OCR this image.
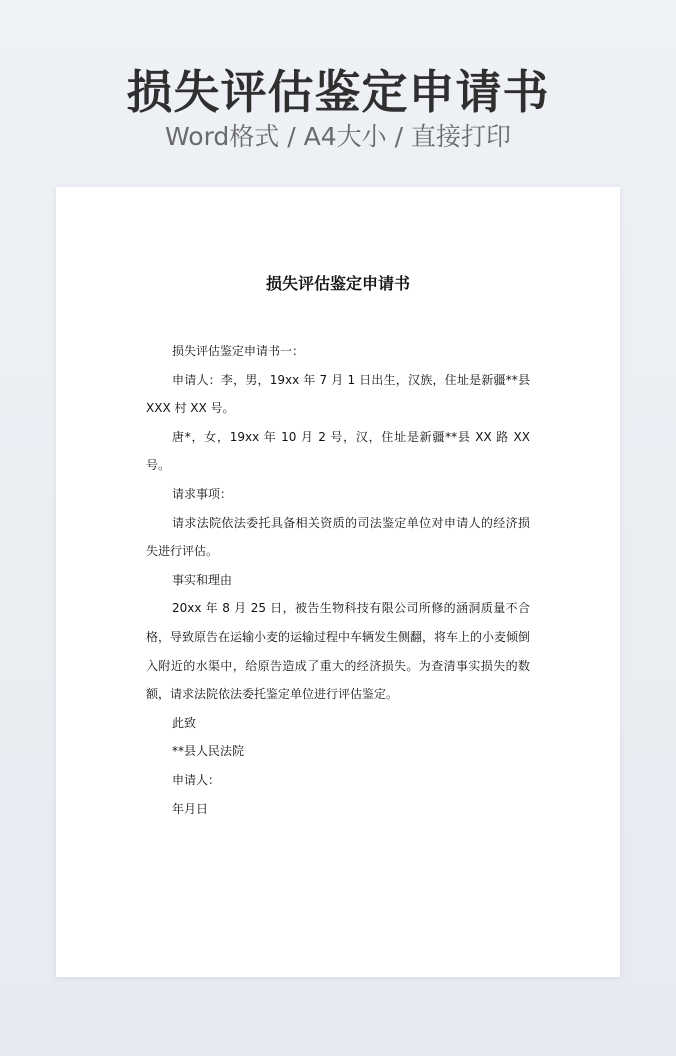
损失评估鉴定申请书
Word格式 / A4大小 / 直接打印
损失评估鉴定申请书

损失评估鉴定申请书一：

申请人：李，男，19xx 年 7 月 1 日出生，汉族，住址是新疆**县 XXX 村 XX 号。

唐*，女，19xx 年 10 月 2 号，汉，住址是新疆**县 XX 路 XX 号。

请求事项：

请求法院依法委托具备相关资质的司法鉴定单位对申请人的经济损失进行评估。

事实和理由

20xx 年 8 月 25 日，被告生物科技有限公司所修的涵洞质量不合格，导致原告在运输小麦的运输过程中车辆发生侧翻，将车上的小麦倾倒入附近的水渠中，给原告造成了重大的经济损失。为查清事实损失的数额，请求法院依法委托鉴定单位进行评估鉴定。

此致

**县人民法院

申请人：

年月日
